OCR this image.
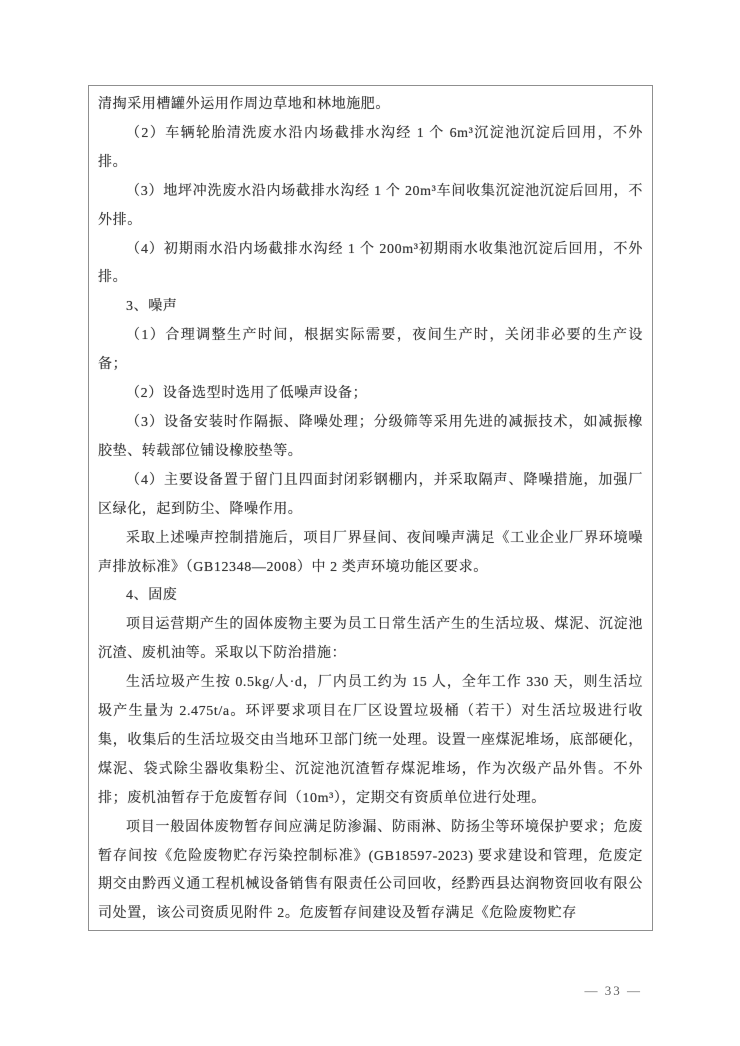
清掏采用槽罐外运用作周边草地和林地施肥。

（2）车辆轮胎清洗废水沿内场截排水沟经 1 个 6m³沉淀池沉淀后回用，不外排。

（3）地坪冲洗废水沿内场截排水沟经 1 个 20m³车间收集沉淀池沉淀后回用，不外排。

（4）初期雨水沿内场截排水沟经 1 个 200m³初期雨水收集池沉淀后回用，不外排。

3、噪声

（1）合理调整生产时间，根据实际需要，夜间生产时，关闭非必要的生产设备；

（2）设备选型时选用了低噪声设备；

（3）设备安装时作隔振、降噪处理；分级筛等采用先进的减振技术，如减振橡胶垫、转载部位铺设橡胶垫等。

（4）主要设备置于留门且四面封闭彩钢棚内，并采取隔声、降噪措施，加强厂区绿化，起到防尘、降噪作用。

采取上述噪声控制措施后，项目厂界昼间、夜间噪声满足《工业企业厂界环境噪声排放标准》（GB12348—2008）中 2 类声环境功能区要求。

4、固废

项目运营期产生的固体废物主要为员工日常生活产生的生活垃圾、煤泥、沉淀池沉渣、废机油等。采取以下防治措施：

生活垃圾产生按 0.5kg/人·d，厂内员工约为 15 人，全年工作 330 天，则生活垃圾产生量为 2.475t/a。环评要求项目在厂区设置垃圾桶（若干）对生活垃圾进行收集，收集后的生活垃圾交由当地环卫部门统一处理。设置一座煤泥堆场，底部硬化，煤泥、袋式除尘器收集粉尘、沉淀池沉渣暂存煤泥堆场，作为次级产品外售。不外排；废机油暂存于危废暂存间（10m³），定期交有资质单位进行处理。

项目一般固体废物暂存间应满足防渗漏、防雨淋、防扬尘等环境保护要求；危废暂存间按《危险废物贮存污染控制标准》(GB18597-2023) 要求建设和管理，危废定期交由黔西义通工程机械设备销售有限责任公司回收，经黔西县达润物资回收有限公司处置，该公司资质见附件 2。危废暂存间建设及暂存满足《危险废物贮存

— 33 —
